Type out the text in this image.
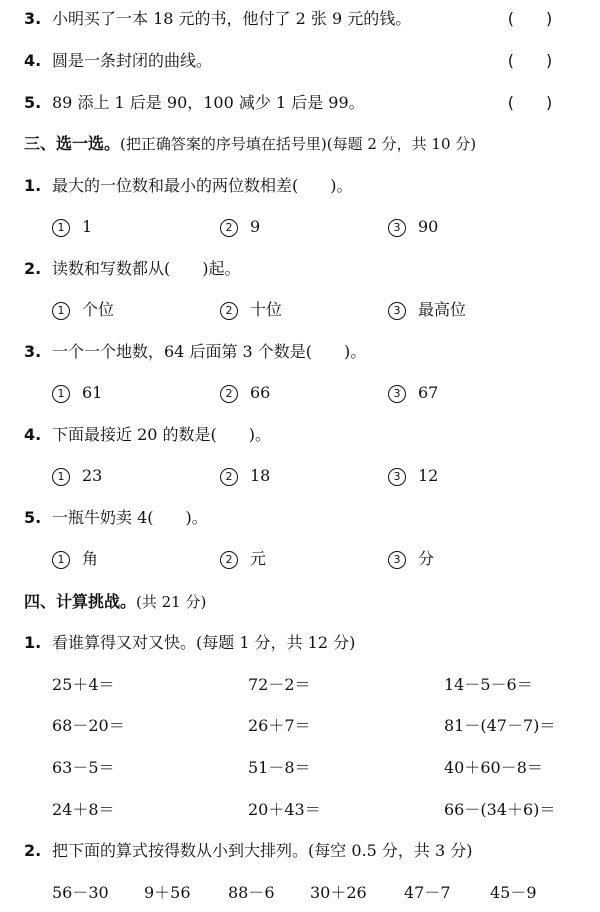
3. 小明买了一本 18 元的书，他付了 2 张 9 元的钱。	(　　)
4. 圆是一条封闭的曲线。	(　　)
5. 89 添上 1 后是 90，100 减少 1 后是 99。	(　　)
三、选一选。(把正确答案的序号填在括号里)(每题 2 分，共 10 分)
1. 最大的一位数和最小的两位数相差(　　)。
1 1	2 9	3 90
2. 读数和写数都从(　　)起。
1 个位	2 十位	3 最高位
3. 一个一个地数，64 后面第 3 个数是(　　)。
1 61	2 66	3 67
4. 下面最接近 20 的数是(　　)。
1 23	2 18	3 12
5. 一瓶牛奶卖 4(　　)。
1 角	2 元	3 分
四、计算挑战。(共 21 分)
1. 看谁算得又对又快。(每题 1 分，共 12 分)
25＋4＝	72－2＝	14－5－6＝
68－20＝	26＋7＝	81－(47－7)＝
63－5＝	51－8＝	40＋60－8＝
24＋8＝	20＋43＝	66－(34＋6)＝
2. 把下面的算式按得数从小到大排列。(每空 0.5 分，共 3 分)
56－30 9＋56 88－6 30＋26 47－7 45－9
